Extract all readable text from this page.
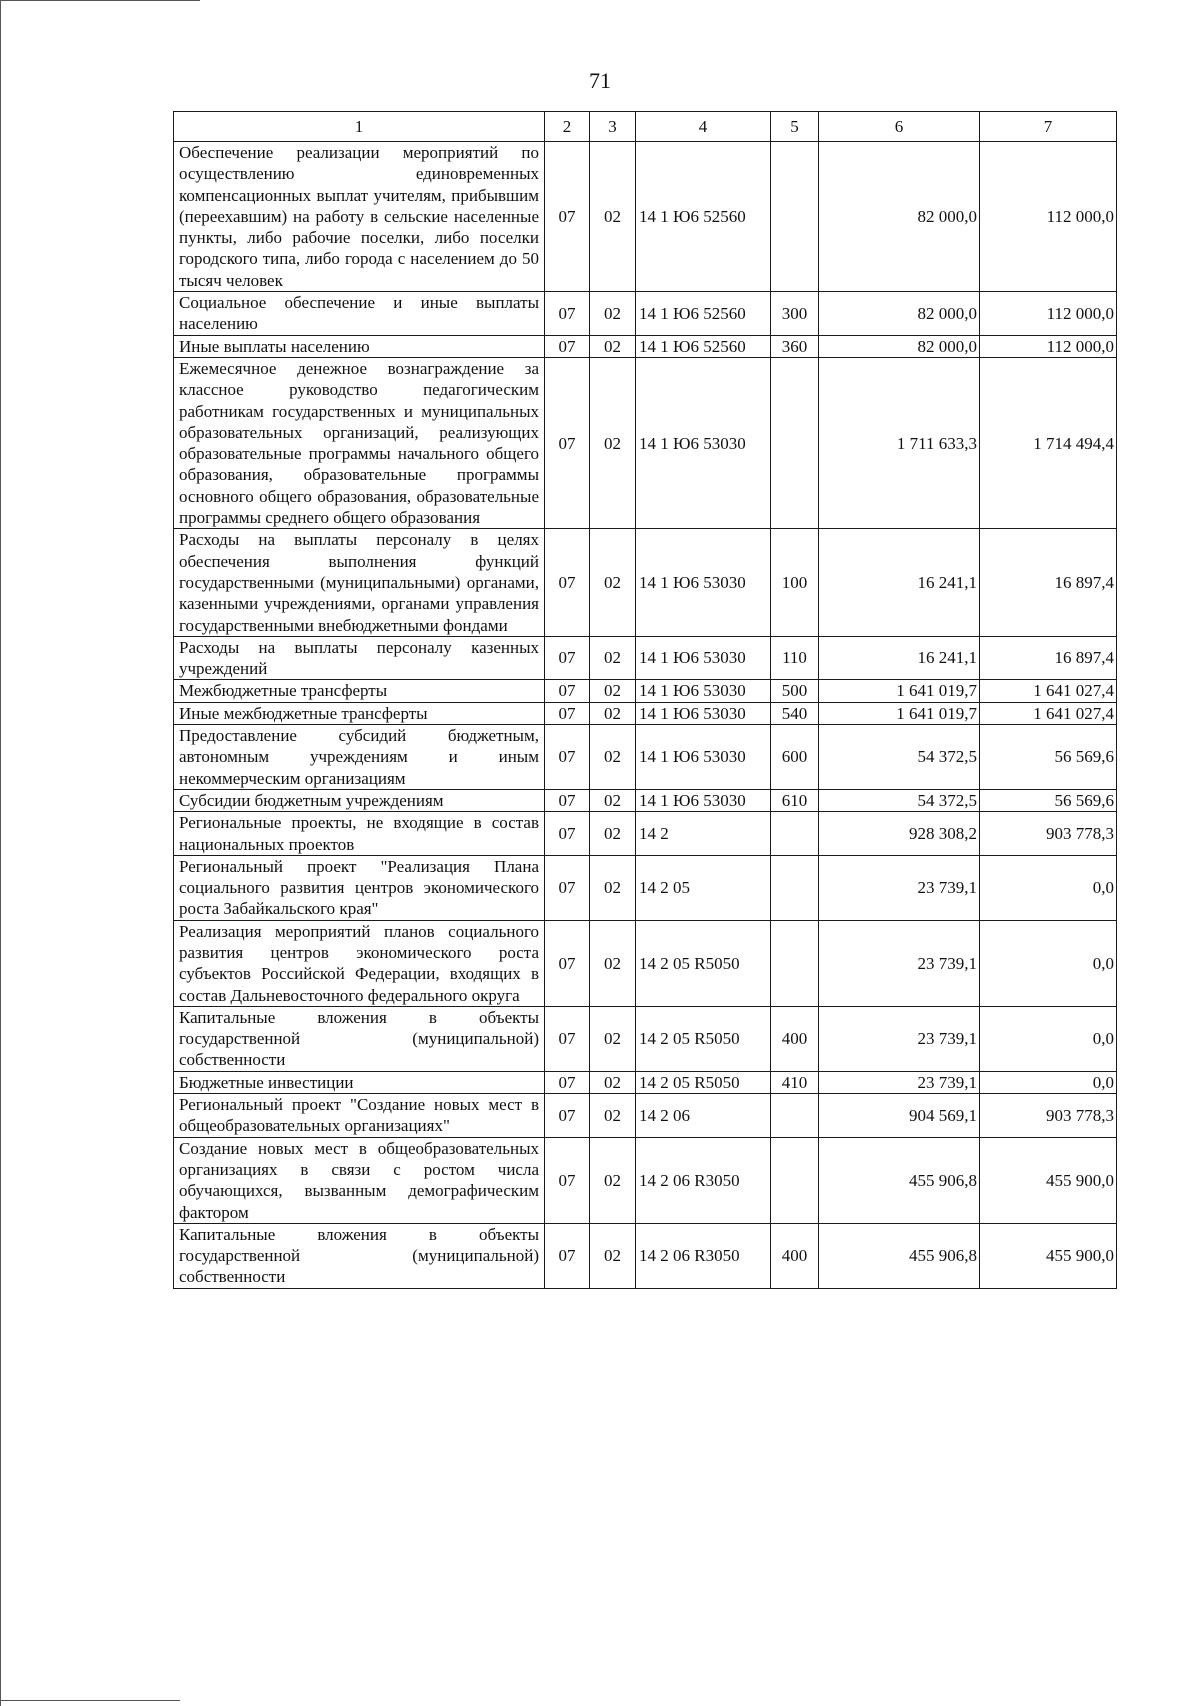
71
1	2	3	4	5	6	7
Обеспечение реализации мероприятий по осуществлению единовременных компенсационных выплат учителям, прибывшим (переехавшим) на работу в сельские населенные пункты, либо рабочие поселки, либо поселки городского типа, либо города с населением до 50 тысяч человек	07	02	14 1 Ю6 52560		82 000,0	112 000,0
Социальное обеспечение и иные выплаты населению	07	02	14 1 Ю6 52560	300	82 000,0	112 000,0
Иные выплаты населению	07	02	14 1 Ю6 52560	360	82 000,0	112 000,0
Ежемесячное денежное вознаграждение за классное руководство педагогическим работникам государственных и муниципальных образовательных организаций, реализующих образовательные программы начального общего образования, образовательные программы основного общего образования, образовательные программы среднего общего образования	07	02	14 1 Ю6 53030		1 711 633,3	1 714 494,4
Расходы на выплаты персоналу в целях обеспечения выполнения функций государственными (муниципальными) органами, казенными учреждениями, органами управления государственными внебюджетными фондами	07	02	14 1 Ю6 53030	100	16 241,1	16 897,4
Расходы на выплаты персоналу казенных учреждений	07	02	14 1 Ю6 53030	110	16 241,1	16 897,4
Межбюджетные трансферты	07	02	14 1 Ю6 53030	500	1 641 019,7	1 641 027,4
Иные межбюджетные трансферты	07	02	14 1 Ю6 53030	540	1 641 019,7	1 641 027,4
Предоставление субсидий бюджетным, автономным учреждениям и иным некоммерческим организациям	07	02	14 1 Ю6 53030	600	54 372,5	56 569,6
Субсидии бюджетным учреждениям	07	02	14 1 Ю6 53030	610	54 372,5	56 569,6
Региональные проекты, не входящие в состав национальных проектов	07	02	14 2		928 308,2	903 778,3
Региональный проект "Реализация Плана социального развития центров экономического роста Забайкальского края"	07	02	14 2 05		23 739,1	0,0
Реализация мероприятий планов социального развития центров экономического роста субъектов Российской Федерации, входящих в состав Дальневосточного федерального округа	07	02	14 2 05 R5050		23 739,1	0,0
Капитальные вложения в объекты государственной (муниципальной) собственности	07	02	14 2 05 R5050	400	23 739,1	0,0
Бюджетные инвестиции	07	02	14 2 05 R5050	410	23 739,1	0,0
Региональный проект "Создание новых мест в общеобразовательных организациях"	07	02	14 2 06		904 569,1	903 778,3
Создание новых мест в общеобразовательных организациях в связи с ростом числа обучающихся, вызванным демографическим фактором	07	02	14 2 06 R3050		455 906,8	455 900,0
Капитальные вложения в объекты государственной (муниципальной) собственности	07	02	14 2 06 R3050	400	455 906,8	455 900,0
